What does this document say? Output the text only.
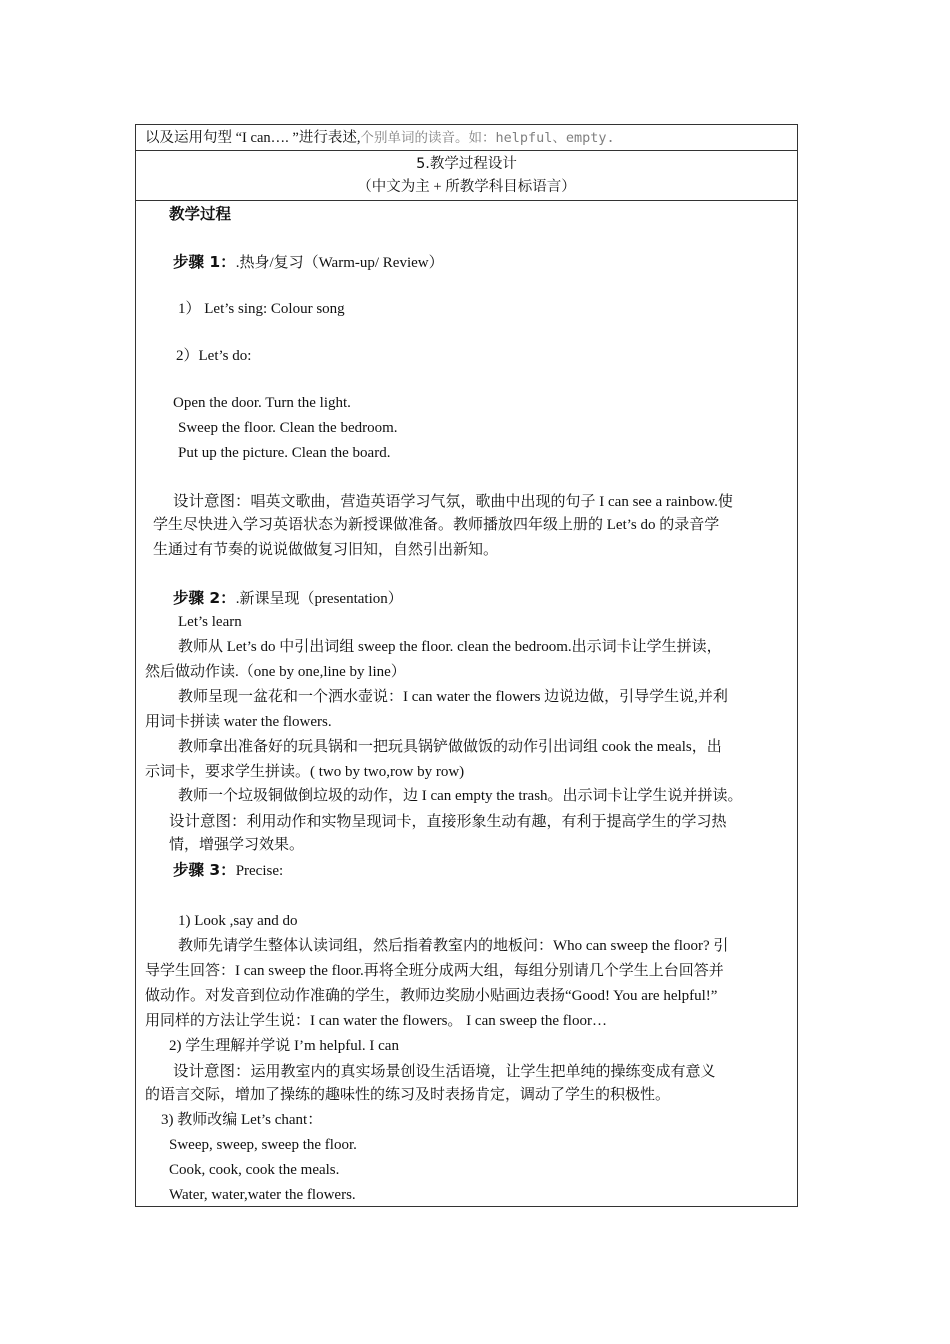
以及运用句型 “I can…. ”进行表述,个别单词的读音。如：helpful、empty.
5.教学过程设计
（中文为主 + 所教学科目标语言）
教学过程
步骤 1：.热身/复习（Warm-up/ Review）
1） Let’s sing: Colour song
2）Let’s do:
Open the door. Turn the light.
Sweep the floor. Clean the bedroom.
Put up the picture. Clean the board.
设计意图：唱英文歌曲，营造英语学习气氛，歌曲中出现的句子 I can see a rainbow.使
学生尽快进入学习英语状态为新授课做准备。教师播放四年级上册的 Let’s do 的录音学
生通过有节奏的说说做做复习旧知，自然引出新知。
步骤 2：.新课呈现（presentation）
Let’s learn
教师从 Let’s do 中引出词组 sweep the floor. clean the bedroom.出示词卡让学生拼读，
然后做动作读.（one by one,line by line）
教师呈现一盆花和一个洒水壶说：I can water the flowers 边说边做，引导学生说,并利
用词卡拼读 water the flowers.
教师拿出准备好的玩具锅和一把玩具锅铲做做饭的动作引出词组 cook the meals，出
示词卡，要求学生拼读。( two by two,row by row)
教师一个垃圾铜做倒垃圾的动作，边 I can empty the trash。出示词卡让学生说并拼读。
设计意图：利用动作和实物呈现词卡，直接形象生动有趣，有利于提高学生的学习热
情，增强学习效果。
步骤 3：Precise:
1) Look ,say and do
教师先请学生整体认读词组，然后指着教室内的地板问：Who can sweep the floor? 引
导学生回答：I can sweep the floor.再将全班分成两大组，每组分别请几个学生上台回答并
做动作。对发音到位动作准确的学生，教师边奖励小贴画边表扬“Good! You are helpful!”
用同样的方法让学生说：I can water the flowers。 I can sweep the floor…
2) 学生理解并学说 I’m helpful. I can
设计意图：运用教室内的真实场景创设生活语境，让学生把单纯的操练变成有意义
的语言交际，增加了操练的趣味性的练习及时表扬肯定，调动了学生的积极性。
3) 教师改编 Let’s chant：
Sweep, sweep, sweep the floor.
Cook, cook, cook the meals.
Water, water,water the flowers.
